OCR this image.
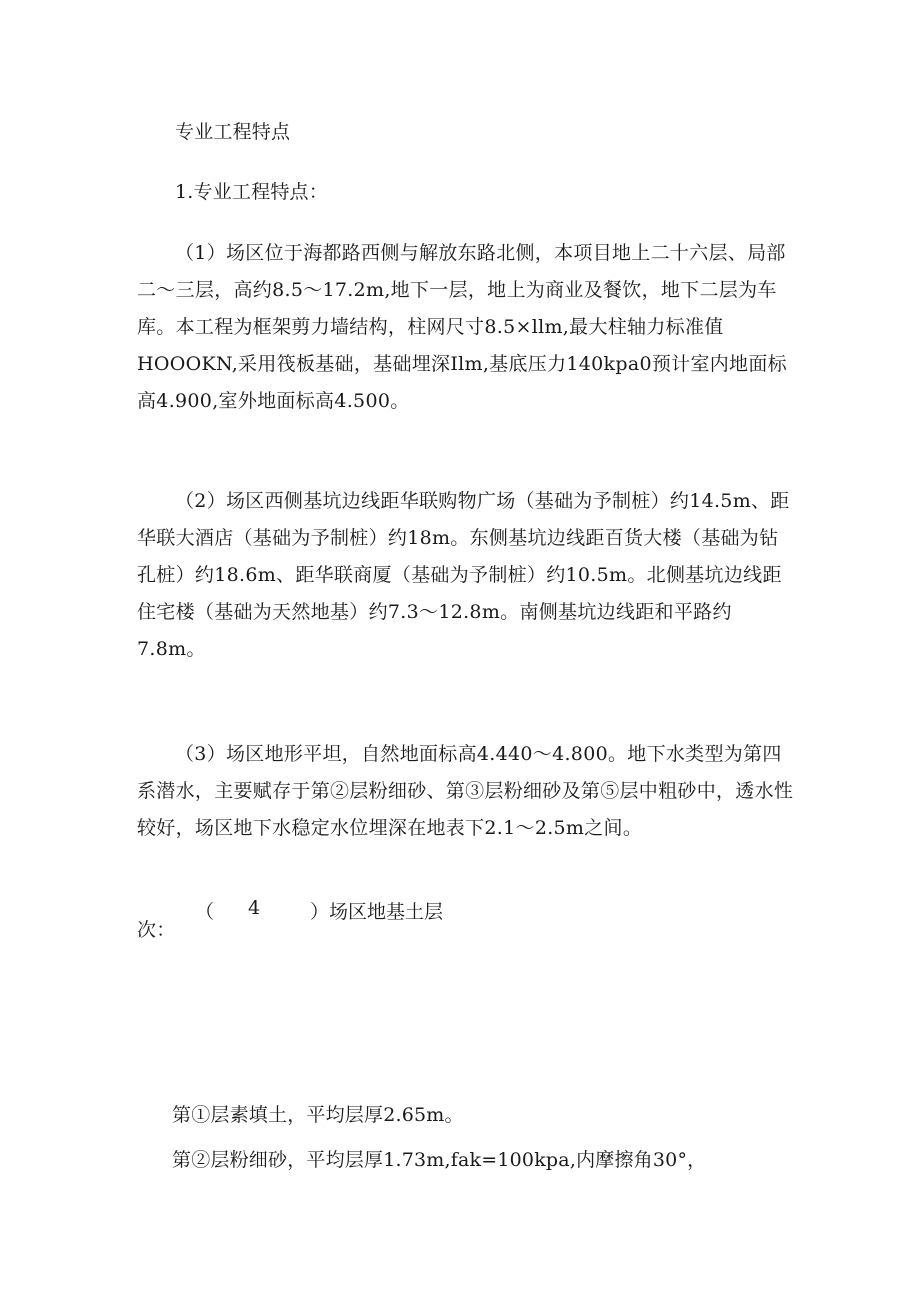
专业工程特点
1.专业工程特点：
（1）场区位于海都路西侧与解放东路北侧，本项目地上二十六层、局部二～三层，高约8.5～17.2m,地下一层，地上为商业及餐饮，地下二层为车库。本工程为框架剪力墙结构，柱网尺寸8.5×llm,最大柱轴力标准值HOOOKN,采用筏板基础，基础埋深Ilm,基底压力140kpa0预计室内地面标高4.900,室外地面标高4.500。
（2）场区西侧基坑边线距华联购物广场（基础为予制桩）约14.5m、距华联大酒店（基础为予制桩）约18m。东侧基坑边线距百货大楼（基础为钻孔桩）约18.6m、距华联商厦（基础为予制桩）约10.5m。北侧基坑边线距住宅楼（基础为天然地基）约7.3～12.8m。南侧基坑边线距和平路约7.8m。
（3）场区地形平坦，自然地面标高4.440～4.800。地下水类型为第四系潜水，主要赋存于第②层粉细砂、第③层粉细砂及第⑤层中粗砂中，透水性较好，场区地下水稳定水位埋深在地表下2.1～2.5m之间。
（ 4	）场区地基土层
次：
第①层素填土，平均层厚2.65m。
第②层粉细砂，平均层厚1.73m,fak=100kpa,内摩擦角30°，
